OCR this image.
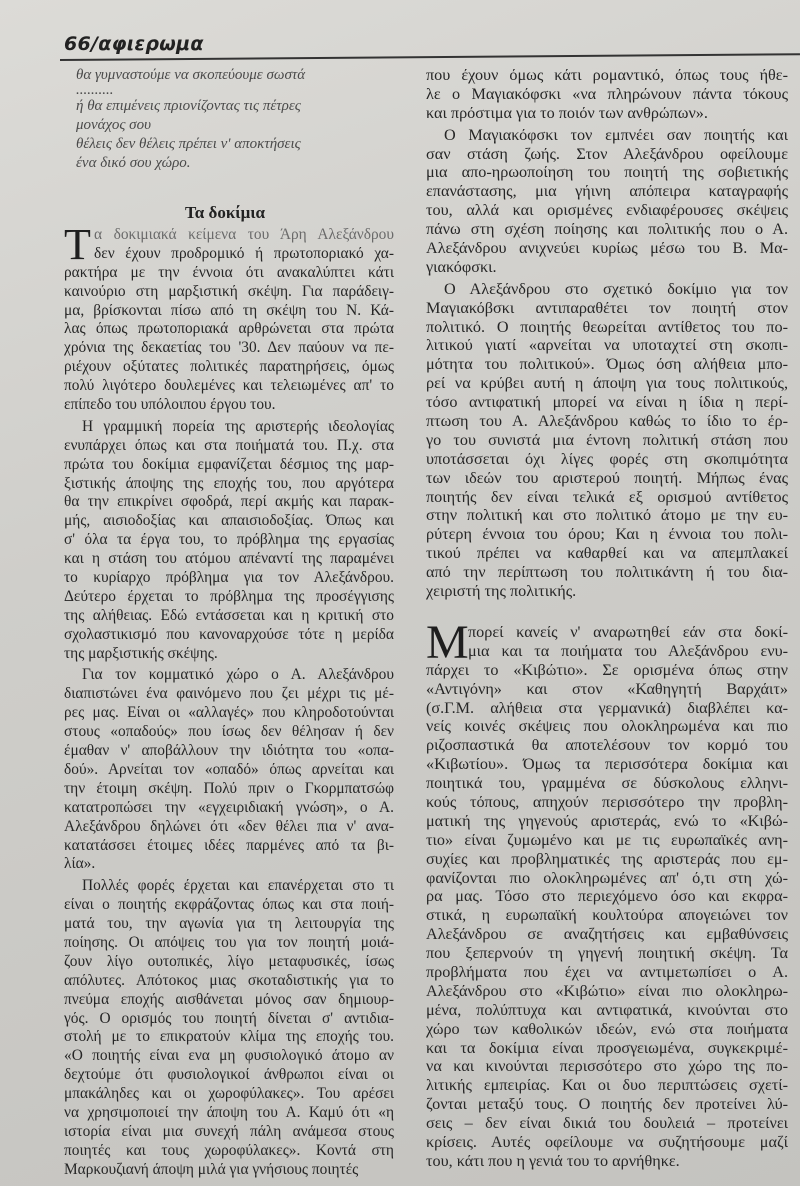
66/αφιερωμα
θα γυμναστούμε να σκοπεύουμε σωστά
..........
ή θα επιμένεις πριονίζοντας τις πέτρες
μονάχος σου
θέλεις δεν θέλεις πρέπει ν' αποκτήσεις
ένα δικό σου χώρο.
Τα δοκίμια
Τ α δοκιμιακά κείμενα του Άρη Αλεξάνδρου
δεν έχουν προδρομικό ή πρωτοποριακό χα-
ρακτήρα με την έννοια ότι ανακαλύπτει κάτι
καινούριο στη μαρξιστική σκέψη. Για παράδειγ-
μα, βρίσκονται πίσω από τη σκέψη του Ν. Κά-
λας όπως πρωτοποριακά αρθρώνεται στα πρώτα
χρόνια της δεκαετίας του '30. Δεν παύουν να πε-
ριέχουν οξύτατες πολιτικές παρατηρήσεις, όμως
πολύ λιγότερο δουλεμένες και τελειωμένες απ' το
επίπεδο του υπόλοιπου έργου του.
Η γραμμική πορεία της αριστερής ιδεολογίας
ενυπάρχει όπως και στα ποιήματά του. Π.χ. στα
πρώτα του δοκίμια εμφανίζεται δέσμιος της μαρ-
ξιστικής άποψης της εποχής του, που αργότερα
θα την επικρίνει σφοδρά, περί ακμής και παρακ-
μής, αισιοδοξίας και απαισιοδοξίας. Όπως και
σ' όλα τα έργα του, το πρόβλημα της εργασίας
και η στάση του ατόμου απέναντί της παραμένει
το κυρίαρχο πρόβλημα για τον Αλεξάνδρου.
Δεύτερο έρχεται το πρόβλημα της προσέγγισης
της αλήθειας. Εδώ εντάσσεται και η κριτική στο
σχολαστικισμό που κανοναρχούσε τότε η μερίδα
της μαρξιστικής σκέψης.
Για τον κομματικό χώρο ο Α. Αλεξάνδρου
διαπιστώνει ένα φαινόμενο που ζει μέχρι τις μέ-
ρες μας. Είναι οι «αλλαγές» που κληροδοτούνται
στους «οπαδούς» που ίσως δεν θέλησαν ή δεν
έμαθαν ν' αποβάλλουν την ιδιότητα του «οπα-
δού». Αρνείται τον «οπαδό» όπως αρνείται και
την έτοιμη σκέψη. Πολύ πριν ο Γκορμπατσώφ
κατατροπώσει την «εγχειριδιακή γνώση», ο Α.
Αλεξάνδρου δηλώνει ότι «δεν θέλει πια ν' ανα-
κατατάσσει έτοιμες ιδέες παρμένες από τα βι-
λία».
Πολλές φορές έρχεται και επανέρχεται στο τι
είναι ο ποιητής εκφράζοντας όπως και στα ποιή-
ματά του, την αγωνία για τη λειτουργία της
ποίησης. Οι απόψεις του για τον ποιητή μοιά-
ζουν λίγο ουτοπικές, λίγο μεταφυσικές, ίσως
απόλυτες. Απότοκος μιας σκοταδιστικής για το
πνεύμα εποχής αισθάνεται μόνος σαν δημιουρ-
γός. Ο ορισμός του ποιητή δίνεται σ' αντιδια-
στολή με το επικρατούν κλίμα της εποχής του.
«Ο ποιητής είναι ενα μη φυσιολογικό άτομο αν
δεχτούμε ότι φυσιολογικοί άνθρωποι είναι οι
μπακάληδες και οι χωροφύλακες». Του αρέσει
να χρησιμοποιεί την άποψη του Α. Καμύ ότι «η
ιστορία είναι μια συνεχή πάλη ανάμεσα στους
ποιητές και τους χωροφύλακες». Κοντά στη
Μαρκουζιανή άποψη μιλά για γνήσιους ποιητές
που έχουν όμως κάτι ρομαντικό, όπως τους ήθε-
λε ο Μαγιακόφσκι «να πληρώνουν πάντα τόκους
και πρόστιμα για το ποιόν των ανθρώπων».
Ο Μαγιακόφσκι τον εμπνέει σαν ποιητής και
σαν στάση ζωής. Στον Αλεξάνδρου οφείλουμε
μια απο-ηρωοποίηση του ποιητή της σοβιετικής
επανάστασης, μια γήινη απόπειρα καταγραφής
του, αλλά και ορισμένες ενδιαφέρουσες σκέψεις
πάνω στη σχέση ποίησης και πολιτικής που ο Α.
Αλεξάνδρου ανιχνεύει κυρίως μέσω του Β. Μα-
γιακόφσκι.
Ο Αλεξάνδρου στο σχετικό δοκίμιο για τον
Μαγιακόβσκι αντιπαραθέτει τον ποιητή στον
πολιτικό. Ο ποιητής θεωρείται αντίθετος του πο-
λιτικού γιατί «αρνείται να υποταχτεί στη σκοπι-
μότητα του πολιτικού». Όμως όση αλήθεια μπο-
ρεί να κρύβει αυτή η άποψη για τους πολιτικούς,
τόσο αντιφατική μπορεί να είναι η ίδια η περί-
πτωση του Α. Αλεξάνδρου καθώς το ίδιο το έρ-
γο του συνιστά μια έντονη πολιτική στάση που
υποτάσσεται όχι λίγες φορές στη σκοπιμότητα
των ιδεών του αριστερού ποιητή. Μήπως ένας
ποιητής δεν είναι τελικά εξ ορισμού αντίθετος
στην πολιτική και στο πολιτικό άτομο με την ευ-
ρύτερη έννοια του όρου; Και η έννοια του πολι-
τικού πρέπει να καθαρθεί και να απεμπλακεί
από την περίπτωση του πολιτικάντη ή του δια-
χειριστή της πολιτικής.
Μ πορεί κανείς ν' αναρωτηθεί εάν στα δοκί-
μια και τα ποιήματα του Αλεξάνδρου ενυ-
πάρχει το «Κιβώτιο». Σε ορισμένα όπως στην
«Αντιγόνη» και στον «Καθηγητή Βαρχάιτ»
(σ.Γ.Μ. αλήθεια στα γερμανικά) διαβλέπει κα-
νείς κοινές σκέψεις που ολοκληρωμένα και πιο
ριζοσπαστικά θα αποτελέσουν τον κορμό του
«Κιβωτίου». Όμως τα περισσότερα δοκίμια και
ποιητικά του, γραμμένα σε δύσκολους ελληνι-
κούς τόπους, απηχούν περισσότερο την προβλη-
ματική της γηγενούς αριστεράς, ενώ το «Κιβώ-
τιο» είναι ζυμωμένο και με τις ευρωπαϊκές ανη-
συχίες και προβληματικές της αριστεράς που εμ-
φανίζονται πιο ολοκληρωμένες απ' ό,τι στη χώ-
ρα μας. Τόσο στο περιεχόμενο όσο και εκφρα-
στικά, η ευρωπαϊκή κουλτούρα απογειώνει τον
Αλεξάνδρου σε αναζητήσεις και εμβαθύνσεις
που ξεπερνούν τη γηγενή ποιητική σκέψη. Τα
προβλήματα που έχει να αντιμετωπίσει ο Α.
Αλεξάνδρου στο «Κιβώτιο» είναι πιο ολοκληρω-
μένα, πολύπτυχα και αντιφατικά, κινούνται στο
χώρο των καθολικών ιδεών, ενώ στα ποιήματα
και τα δοκίμια είναι προσγειωμένα, συγκεκριμέ-
να και κινούνται περισσότερο στο χώρο της πο-
λιτικής εμπειρίας. Και οι δυο περιπτώσεις σχετί-
ζονται μεταξύ τους. Ο ποιητής δεν προτείνει λύ-
σεις – δεν είναι δικιά του δουλειά – προτείνει
κρίσεις. Αυτές οφείλουμε να συζητήσουμε μαζί
του, κάτι που η γενιά του το αρνήθηκε.
